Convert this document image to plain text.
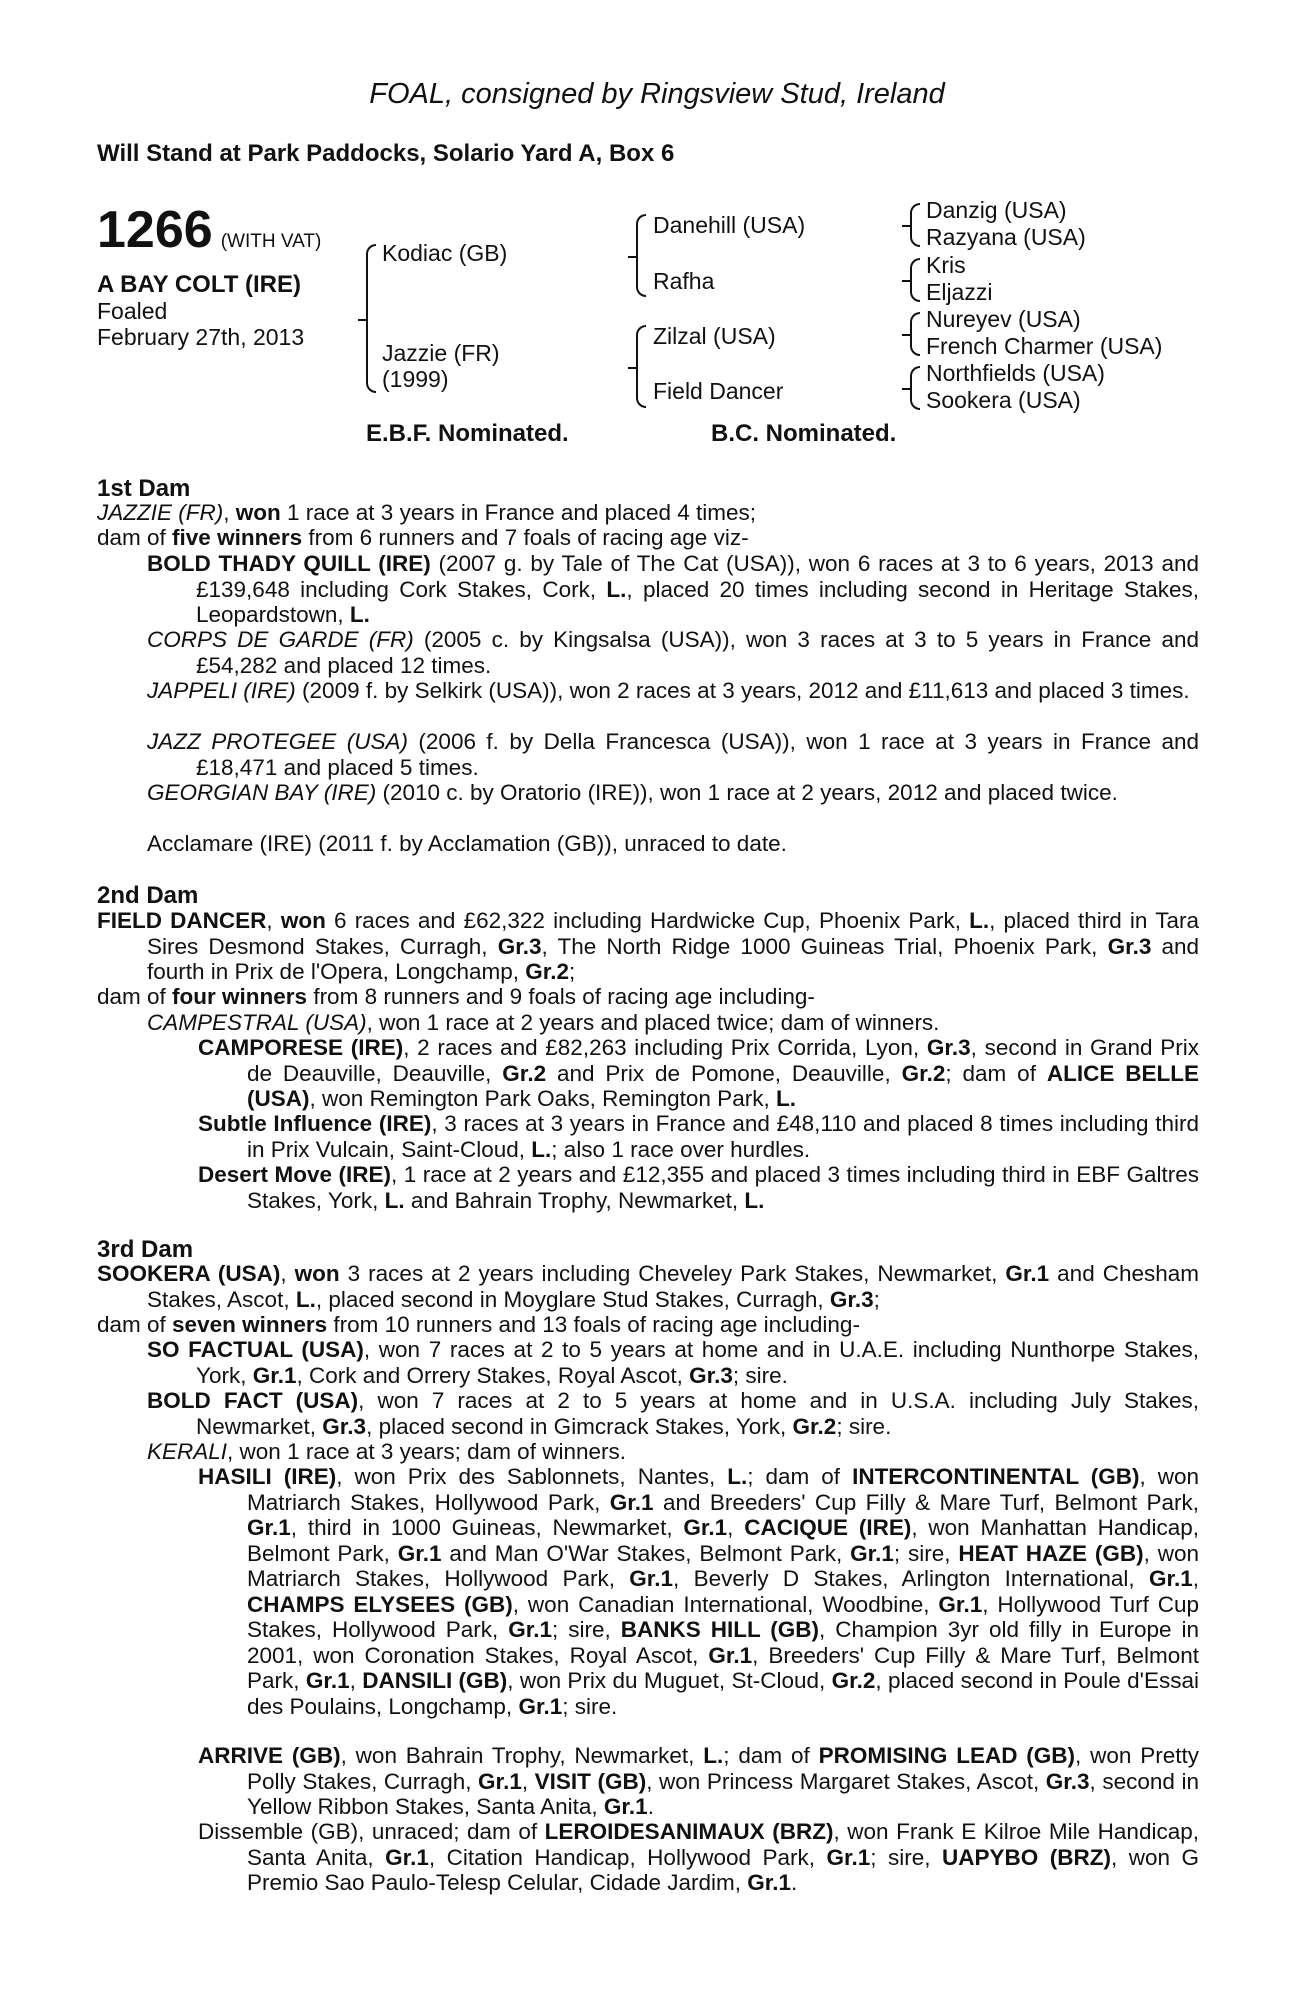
FOAL, consigned by Ringsview Stud, Ireland
Will Stand at Park Paddocks, Solario Yard A, Box 6
1266 (WITH VAT)
A BAY COLT (IRE)
Foaled
February 27th, 2013
Kodiac (GB)
Jazzie (FR)
(1999)
Danehill (USA)
Rafha
Zilzal (USA)
Field Dancer
Danzig (USA)
Razyana (USA)
Kris
Eljazzi
Nureyev (USA)
French Charmer (USA)
Northfields (USA)
Sookera (USA)
E.B.F. Nominated.	B.C. Nominated.
1st Dam
JAZZIE (FR), won 1 race at 3 years in France and placed 4 times;
dam of five winners from 6 runners and 7 foals of racing age viz-
BOLD THADY QUILL (IRE) (2007 g. by Tale of The Cat (USA)), won 6 races at 3 to 6 years, 2013 and £139,648 including Cork Stakes, Cork, L., placed 20 times including second in Heritage Stakes, Leopardstown, L.
CORPS DE GARDE (FR) (2005 c. by Kingsalsa (USA)), won 3 races at 3 to 5 years in France and £54,282 and placed 12 times.
JAPPELI (IRE) (2009 f. by Selkirk (USA)), won 2 races at 3 years, 2012 and £11,613 and placed 3 times.
JAZZ PROTEGEE (USA) (2006 f. by Della Francesca (USA)), won 1 race at 3 years in France and £18,471 and placed 5 times.
GEORGIAN BAY (IRE) (2010 c. by Oratorio (IRE)), won 1 race at 2 years, 2012 and placed twice.
Acclamare (IRE) (2011 f. by Acclamation (GB)), unraced to date.
2nd Dam
FIELD DANCER, won 6 races and £62,322 including Hardwicke Cup, Phoenix Park, L., placed third in Tara Sires Desmond Stakes, Curragh, Gr.3, The North Ridge 1000 Guineas Trial, Phoenix Park, Gr.3 and fourth in Prix de l'Opera, Longchamp, Gr.2;
dam of four winners from 8 runners and 9 foals of racing age including-
CAMPESTRAL (USA), won 1 race at 2 years and placed twice; dam of winners.
CAMPORESE (IRE), 2 races and £82,263 including Prix Corrida, Lyon, Gr.3, second in Grand Prix de Deauville, Deauville, Gr.2 and Prix de Pomone, Deauville, Gr.2; dam of ALICE BELLE (USA), won Remington Park Oaks, Remington Park, L.
Subtle Influence (IRE), 3 races at 3 years in France and £48,110 and placed 8 times including third in Prix Vulcain, Saint-Cloud, L.; also 1 race over hurdles.
Desert Move (IRE), 1 race at 2 years and £12,355 and placed 3 times including third in EBF Galtres Stakes, York, L. and Bahrain Trophy, Newmarket, L.
3rd Dam
SOOKERA (USA), won 3 races at 2 years including Cheveley Park Stakes, Newmarket, Gr.1 and Chesham Stakes, Ascot, L., placed second in Moyglare Stud Stakes, Curragh, Gr.3;
dam of seven winners from 10 runners and 13 foals of racing age including-
SO FACTUAL (USA), won 7 races at 2 to 5 years at home and in U.A.E. including Nunthorpe Stakes, York, Gr.1, Cork and Orrery Stakes, Royal Ascot, Gr.3; sire.
BOLD FACT (USA), won 7 races at 2 to 5 years at home and in U.S.A. including July Stakes, Newmarket, Gr.3, placed second in Gimcrack Stakes, York, Gr.2; sire.
KERALI, won 1 race at 3 years; dam of winners.
HASILI (IRE), won Prix des Sablonnets, Nantes, L.; dam of INTERCONTINENTAL (GB), won Matriarch Stakes, Hollywood Park, Gr.1 and Breeders' Cup Filly & Mare Turf, Belmont Park, Gr.1, third in 1000 Guineas, Newmarket, Gr.1, CACIQUE (IRE), won Manhattan Handicap, Belmont Park, Gr.1 and Man O'War Stakes, Belmont Park, Gr.1; sire, HEAT HAZE (GB), won Matriarch Stakes, Hollywood Park, Gr.1, Beverly D Stakes, Arlington International, Gr.1, CHAMPS ELYSEES (GB), won Canadian International, Woodbine, Gr.1, Hollywood Turf Cup Stakes, Hollywood Park, Gr.1; sire, BANKS HILL (GB), Champion 3yr old filly in Europe in 2001, won Coronation Stakes, Royal Ascot, Gr.1, Breeders' Cup Filly & Mare Turf, Belmont Park, Gr.1, DANSILI (GB), won Prix du Muguet, St-Cloud, Gr.2, placed second in Poule d'Essai des Poulains, Longchamp, Gr.1; sire.
ARRIVE (GB), won Bahrain Trophy, Newmarket, L.; dam of PROMISING LEAD (GB), won Pretty Polly Stakes, Curragh, Gr.1, VISIT (GB), won Princess Margaret Stakes, Ascot, Gr.3, second in Yellow Ribbon Stakes, Santa Anita, Gr.1.
Dissemble (GB), unraced; dam of LEROIDESANIMAUX (BRZ), won Frank E Kilroe Mile Handicap, Santa Anita, Gr.1, Citation Handicap, Hollywood Park, Gr.1; sire, UAPYBO (BRZ), won G Premio Sao Paulo-Telesp Celular, Cidade Jardim, Gr.1.
